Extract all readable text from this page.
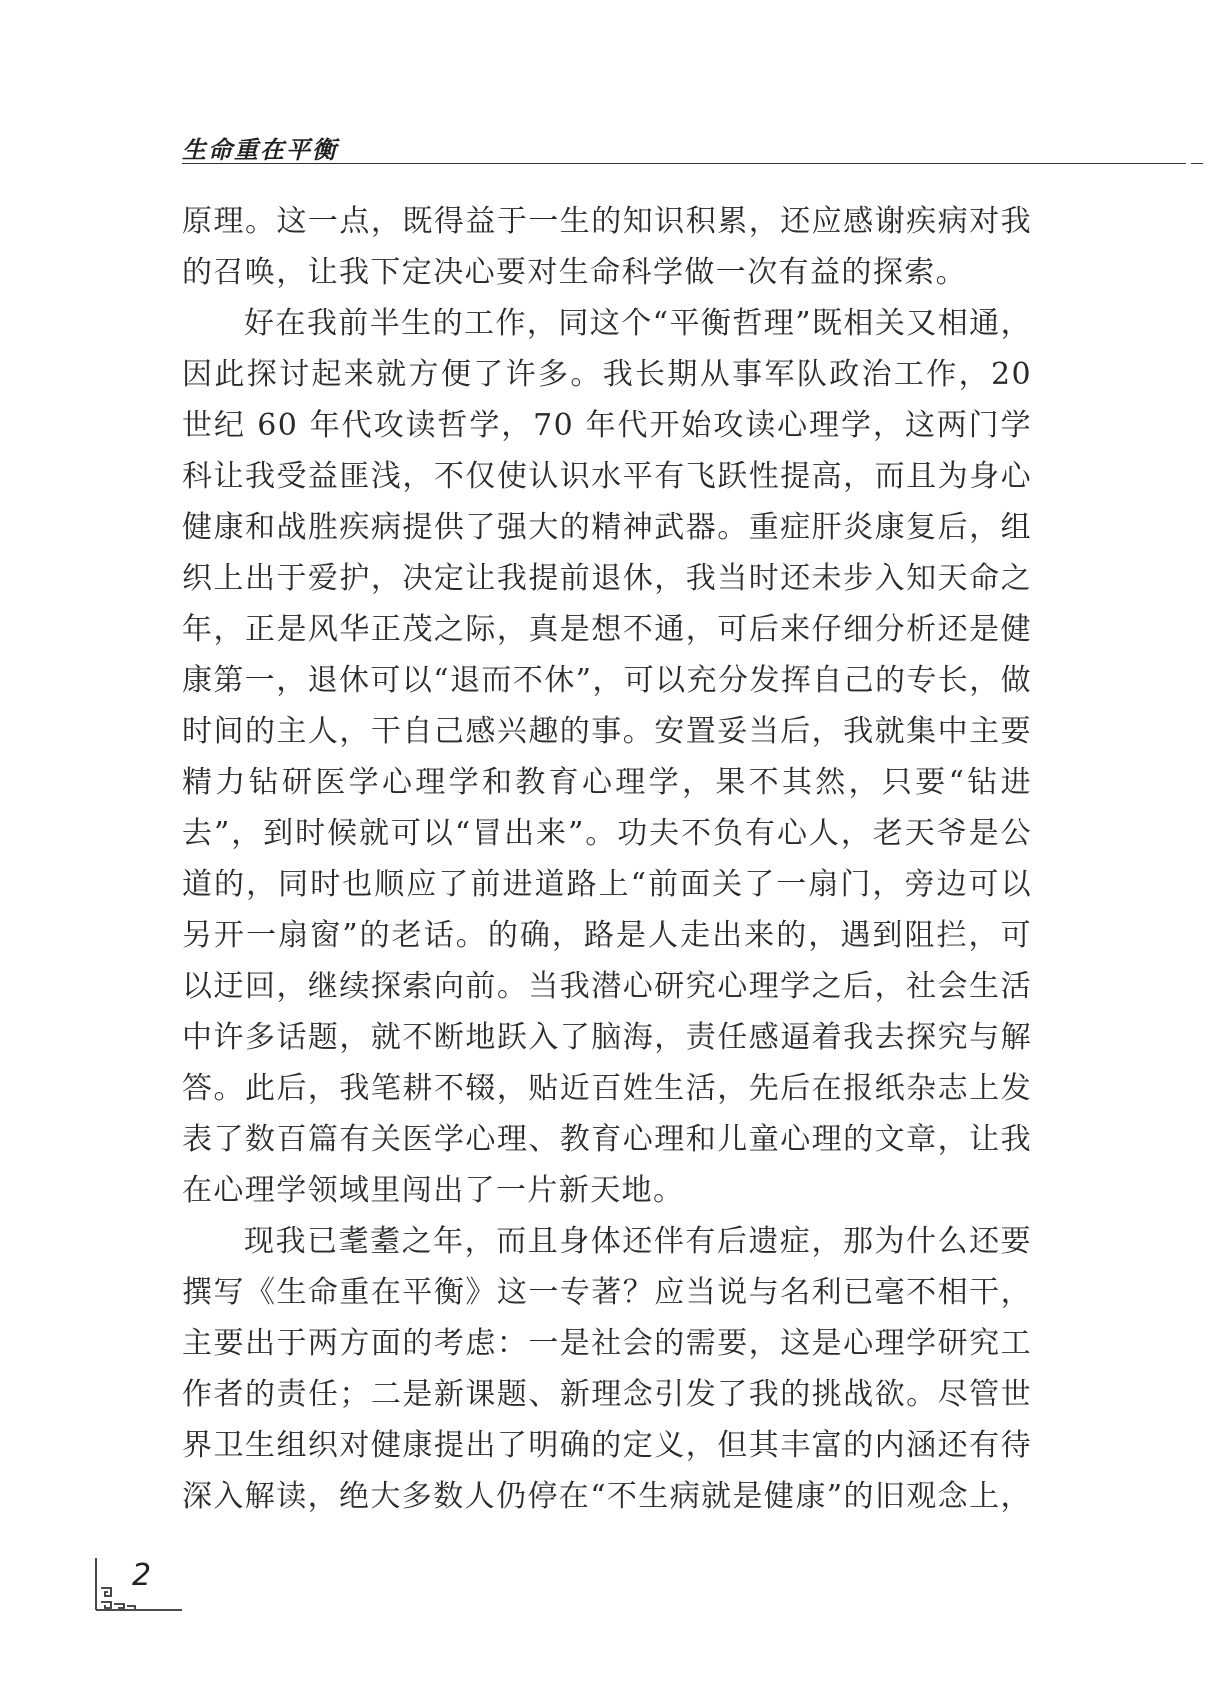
生命重在平衡

原理。这一点，既得益于一生的知识积累，还应感谢疾病对我的召唤，让我下定决心要对生命科学做一次有益的探索。

好在我前半生的工作，同这个“平衡哲理”既相关又相通，因此探讨起来就方便了许多。我长期从事军队政治工作，20 世纪 60 年代攻读哲学，70 年代开始攻读心理学，这两门学科让我受益匪浅，不仅使认识水平有飞跃性提高，而且为身心健康和战胜疾病提供了强大的精神武器。重症肝炎康复后，组织上出于爱护，决定让我提前退休，我当时还未步入知天命之年，正是风华正茂之际，真是想不通，可后来仔细分析还是健康第一，退休可以“退而不休”，可以充分发挥自己的专长，做时间的主人，干自己感兴趣的事。安置妥当后，我就集中主要精力钻研医学心理学和教育心理学，果不其然，只要“钻进去”，到时候就可以“冒出来”。功夫不负有心人，老天爷是公道的，同时也顺应了前进道路上“前面关了一扇门，旁边可以另开一扇窗”的老话。的确，路是人走出来的，遇到阻拦，可以迂回，继续探索向前。当我潜心研究心理学之后，社会生活中许多话题，就不断地跃入了脑海，责任感逼着我去探究与解答。此后，我笔耕不辍，贴近百姓生活，先后在报纸杂志上发表了数百篇有关医学心理、教育心理和儿童心理的文章，让我在心理学领域里闯出了一片新天地。

现我已耄耋之年，而且身体还伴有后遗症，那为什么还要撰写《生命重在平衡》这一专著？应当说与名利已毫不相干，主要出于两方面的考虑：一是社会的需要，这是心理学研究工作者的责任；二是新课题、新理念引发了我的挑战欲。尽管世界卫生组织对健康提出了明确的定义，但其丰富的内涵还有待深入解读，绝大多数人仍停在“不生病就是健康”的旧观念上，

2
